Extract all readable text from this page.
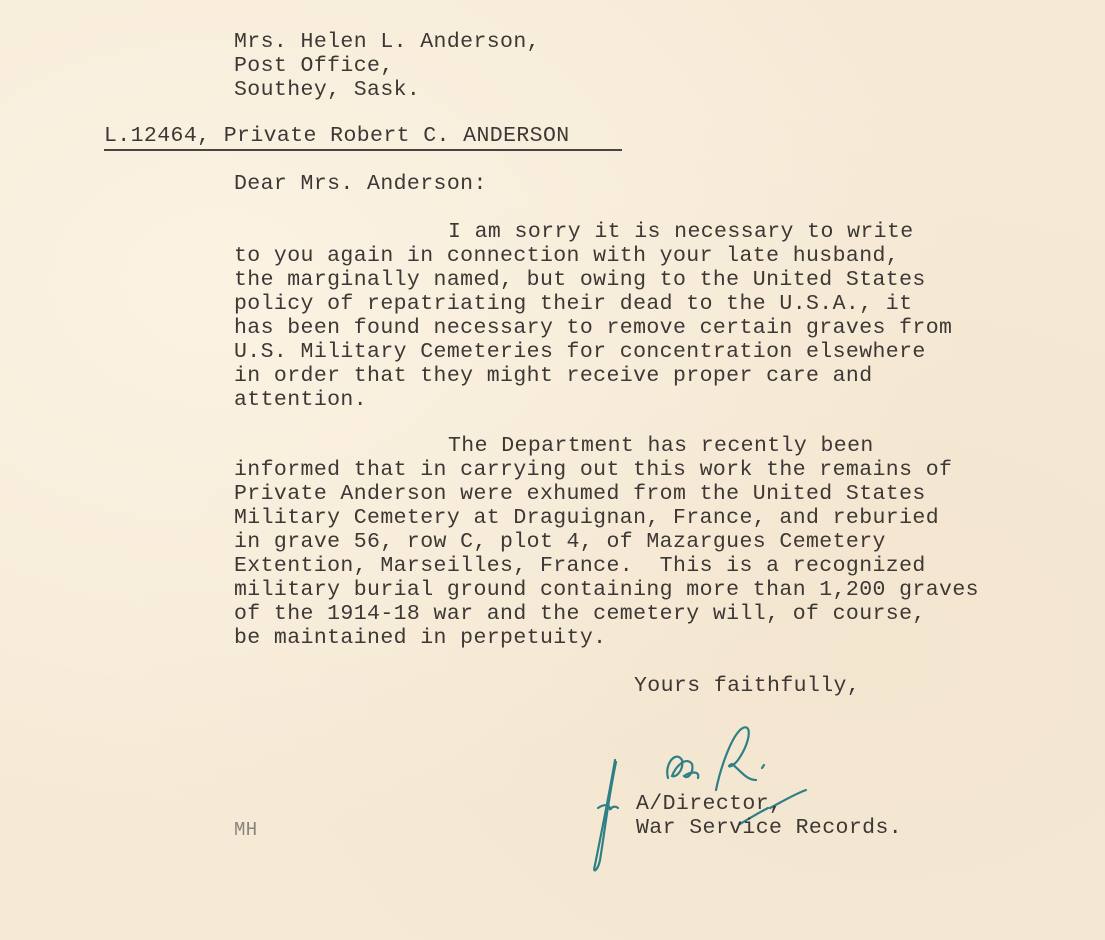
Mrs. Helen L. Anderson,
Post Office,
Southey, Sask.
L.12464, Private Robert C. ANDERSON
Dear Mrs. Anderson:
I am sorry it is necessary to write
to you again in connection with your late husband,
the marginally named, but owing to the United States
policy of repatriating their dead to the U.S.A., it
has been found necessary to remove certain graves from
U.S. Military Cemeteries for concentration elsewhere
in order that they might receive proper care and
attention.
The Department has recently been
informed that in carrying out this work the remains of
Private Anderson were exhumed from the United States
Military Cemetery at Draguignan, France, and reburied
in grave 56, row C, plot 4, of Mazargues Cemetery
Extention, Marseilles, France.  This is a recognized
military burial ground containing more than 1,200 graves
of the 1914-18 war and the cemetery will, of course,
be maintained in perpetuity.
Yours faithfully,
A/Director,
War Service Records.
MH
